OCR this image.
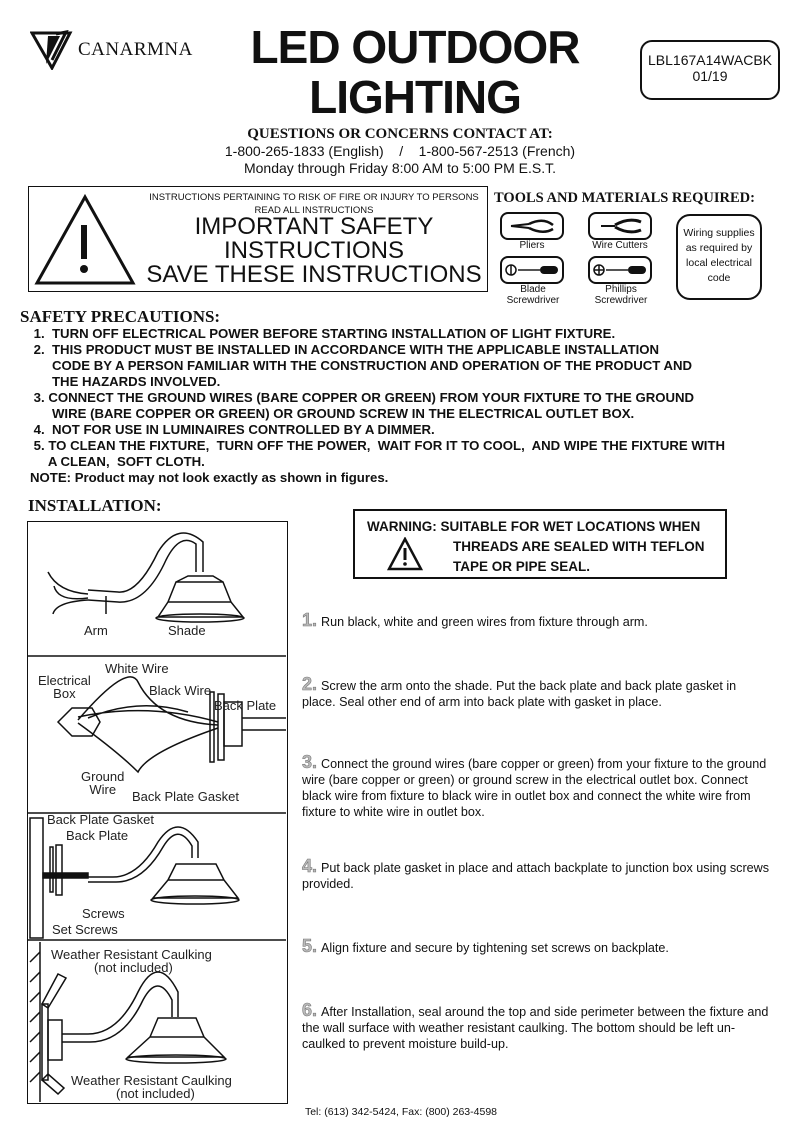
CANARMNA	LED OUTDOOR
LIGHTING
LBL167A14WACBK
01/19
QUESTIONS OR CONCERNS CONTACT AT:
1-800-265-1833 (English)    /    1-800-567-2513 (French)
Monday through Friday 8:00 AM to 5:00 PM E.S.T.
INSTRUCTIONS PERTAINING TO RISK OF FIRE OR INJURY TO PERSONS
READ ALL INSTRUCTIONS
IMPORTANT SAFETY
INSTRUCTIONS
SAVE THESE INSTRUCTIONS
TOOLS AND MATERIALS REQUIRED:
Pliers	Wire Cutters
Blade Screwdriver
Phillips Screwdriver
Wiring supplies as required by local electrical code
SAFETY PRECAUTIONS:
1.  TURN OFF ELECTRICAL POWER BEFORE STARTING INSTALLATION OF LIGHT FIXTURE.
2.  THIS PRODUCT MUST BE INSTALLED IN ACCORDANCE WITH THE APPLICABLE INSTALLATION
CODE BY A PERSON FAMILIAR WITH THE CONSTRUCTION AND OPERATION OF THE PRODUCT AND
THE HAZARDS INVOLVED.
3. CONNECT THE GROUND WIRES (BARE COPPER OR GREEN) FROM YOUR FIXTURE TO THE GROUND
WIRE (BARE COPPER OR GREEN) OR GROUND SCREW IN THE ELECTRICAL OUTLET BOX.
4.  NOT FOR USE IN LUMINAIRES CONTROLLED BY A DIMMER.
5. TO CLEAN THE FIXTURE,  TURN OFF THE POWER,  WAIT FOR IT TO COOL,  AND WIPE THE FIXTURE WITH
A CLEAN,  SOFT CLOTH.
NOTE: Product may not look exactly as shown in figures.
INSTALLATION:
WARNING: SUITABLE FOR WET LOCATIONS WHEN
THREADS ARE SEALED WITH TEFLON
TAPE OR PIPE SEAL.
Arm	Shade
White Wire
Electrical
Box	Black Wire
Back Plate
Ground
Wire	Back Plate Gasket
Back Plate Gasket
Back Plate
Screws
Set Screws
Weather Resistant Caulking
(not included)
Weather Resistant Caulking
(not included)
1. Run black, white and green wires from fixture through arm.
2. Screw the arm onto the shade. Put the back plate and back plate gasket in place. Seal other end of arm into back plate with gasket in place.
3. Connect the ground wires (bare copper or green) from your fixture to the ground wire (bare copper or green) or ground screw in the electrical outlet box. Connect black wire from fixture to black wire in outlet box and connect the white wire from fixture to white wire in outlet box.
4. Put back plate gasket in place and attach backplate to junction box using screws provided.
5. Align fixture and secure by tightening set screws on backplate.
6. After Installation, seal around the top and side perimeter between the fixture and the wall surface with weather resistant caulking. The bottom should be left un-caulked to prevent moisture build-up.
Tel: (613) 342-5424, Fax: (800) 263-4598
